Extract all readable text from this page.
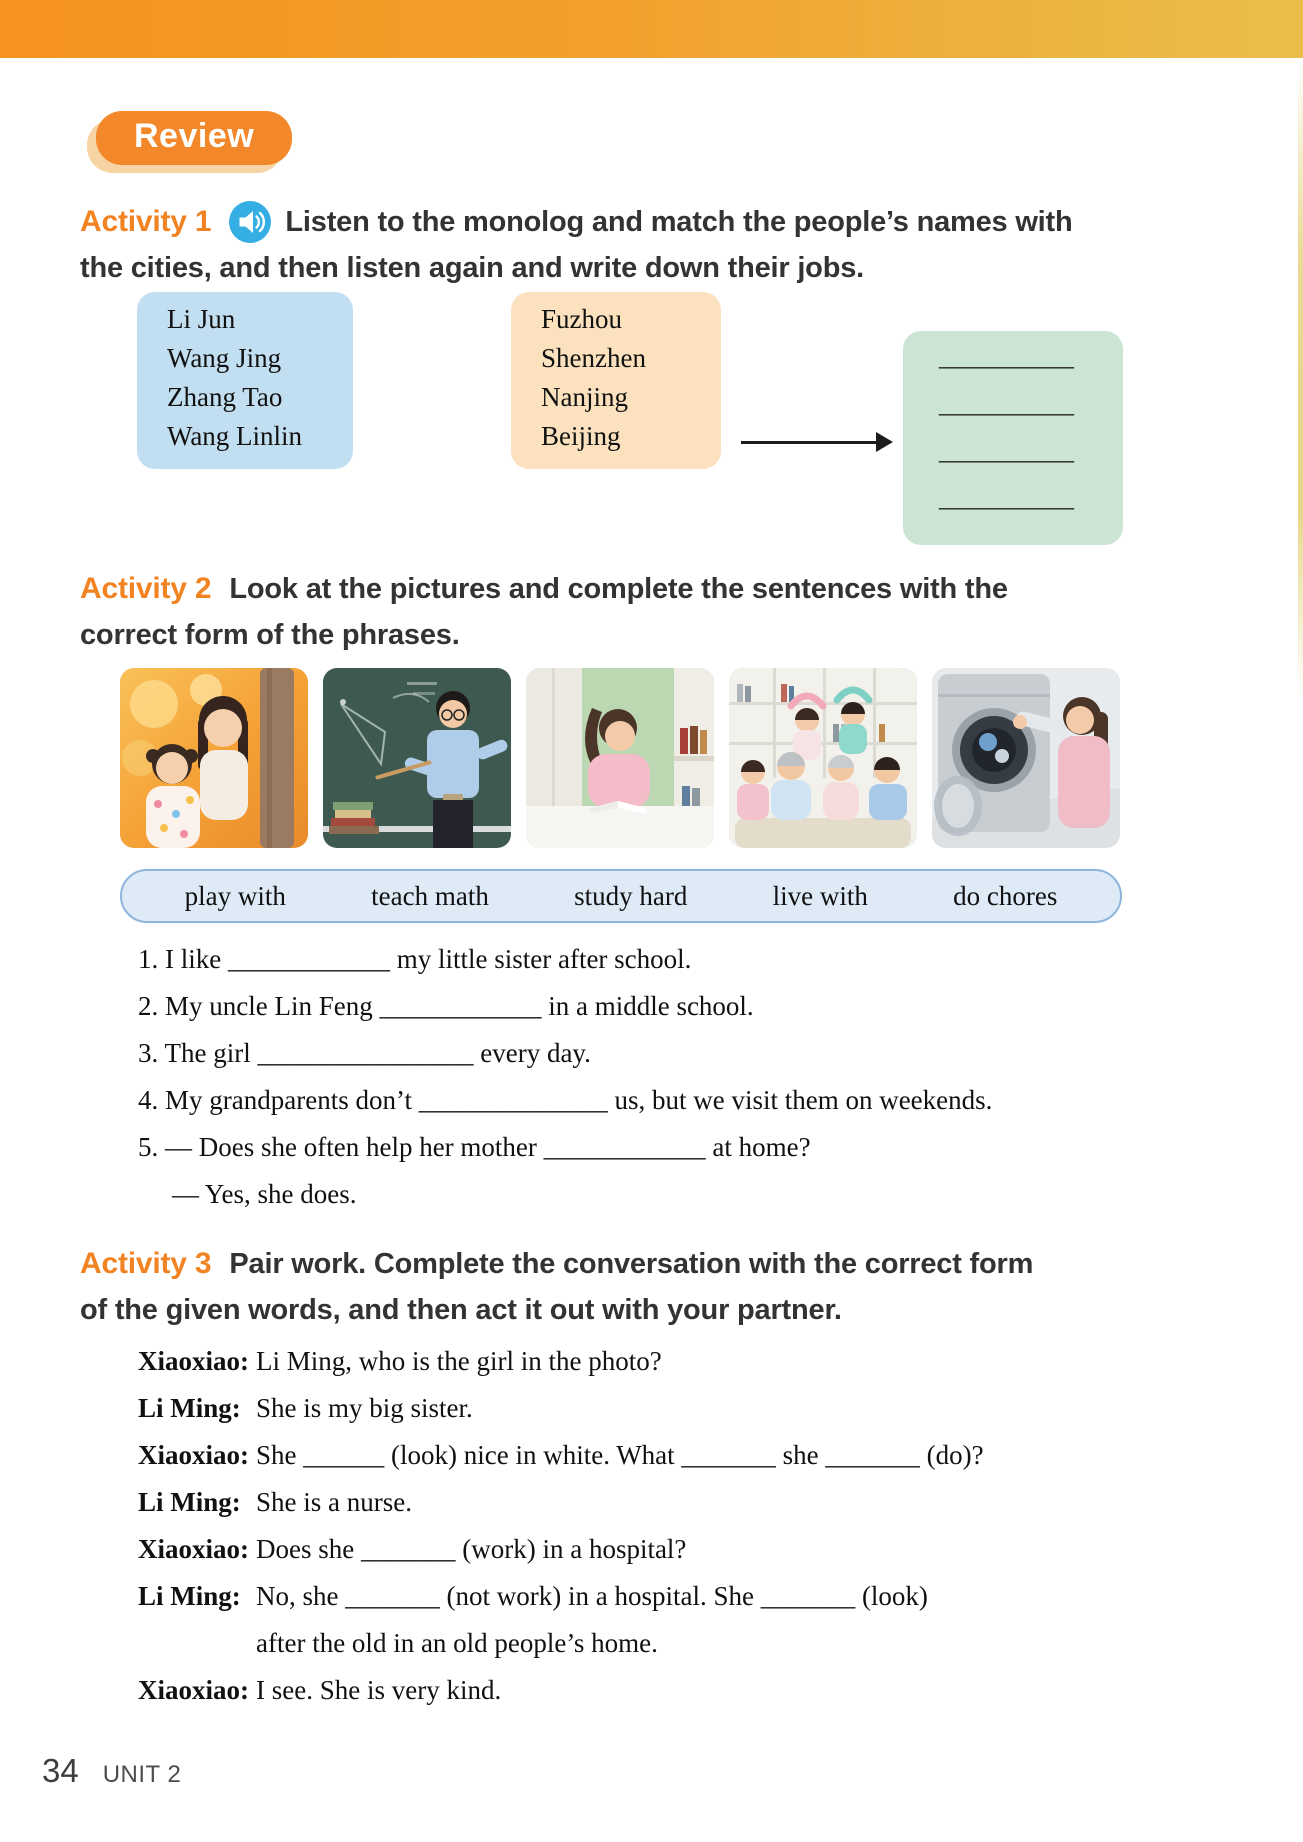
Review
Activity 1	Listen to the monolog and match the people’s names with
the cities, and then listen again and write down their jobs.
Li Jun
Wang Jing
Zhang Tao
Wang Linlin
Fuzhou
Shenzhen
Nanjing
Beijing
__________
__________
__________
__________
Activity 2 Look at the pictures and complete the sentences with the
correct form of the phrases.
play with	teach math	study hard	live with	do chores
1. I like ____________ my little sister after school.
2. My uncle Lin Feng ____________ in a middle school.
3. The girl ________________ every day.
4. My grandparents don’t ______________ us, but we visit them on weekends.
5. — Does she often help her mother ____________ at home?
— Yes, she does.
Activity 3 Pair work. Complete the conversation with the correct form
of the given words, and then act it out with your partner.
Xiaoxiao: Li Ming, who is the girl in the photo?
Li Ming: She is my big sister.
Xiaoxiao: She ______ (look) nice in white. What _______ she _______ (do)?
Li Ming: She is a nurse.
Xiaoxiao: Does she _______ (work) in a hospital?
Li Ming: No, she _______ (not work) in a hospital. She _______ (look)
after the old in an old people’s home.
Xiaoxiao: I see. She is very kind.
34 UNIT 2
